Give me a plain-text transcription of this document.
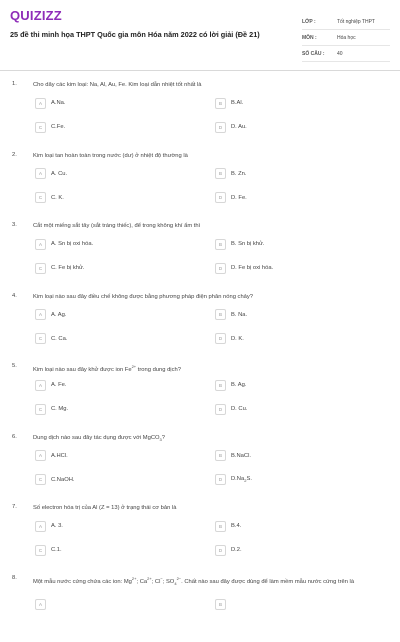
QUIZIZZ
25 đề thi minh họa THPT Quốc gia môn Hóa năm 2022 có lời giải (Đề 21)
LỚP :	Tốt nghiệp THPT
MÔN :	Hóa học
SỐ CÂU :	40
1.	Cho dãy các kim loại: Na, Al, Au, Fe. Kim loại dẫn nhiệt tốt nhất là
A	A.Na.	B	B.Al.
C	C.Fe.	D	D. Au.
2.	Kim loại tan hoàn toàn trong nước (dư) ở nhiệt độ thường là
A	A. Cu.	B	B. Zn.
C	C. K.	D	D. Fe.
3.	Cắt một miếng sắt tây (sắt tráng thiếc), để trong không khí ẩm thì
A	A. Sn bị oxi hóa.	B	B. Sn bị khử.
C	C. Fe bị khử.	D	D. Fe bị oxi hóa.
4.	Kim loại nào sau đây điều chế không được bằng phương pháp điện phân nóng chảy?
A	A. Ag.	B	B. Na.
C	C. Ca.	D	D. K.
5.
Kim loại nào sau đây khử được ion $Fe^{2+}$ trong dung dịch?
A	A. Fe.	B	B. Ag.
C	C. Mg.	D	D. Cu.
6.	Dung dịch nào sau đây tác dụng được với MgCO$_3$?
A	A.HCl.	B	B.NaCl.
C	C.NaOH.	D	$D.Na_2S$.
7.	Số electron hóa trị của Al (Z = 13) ở trạng thái cơ bản là
A	A. 3.	B	B.4.
C	C.1.	D	D.2.
8.
Một mẫu nước cứng chứa các ion: $Mg^{2+}$; $Ca^{2+}$; Cl−; $SO_4^{2-}$. Chất nào sau đây được dùng để làm mềm mẫu nước cứng trên là
A	B
